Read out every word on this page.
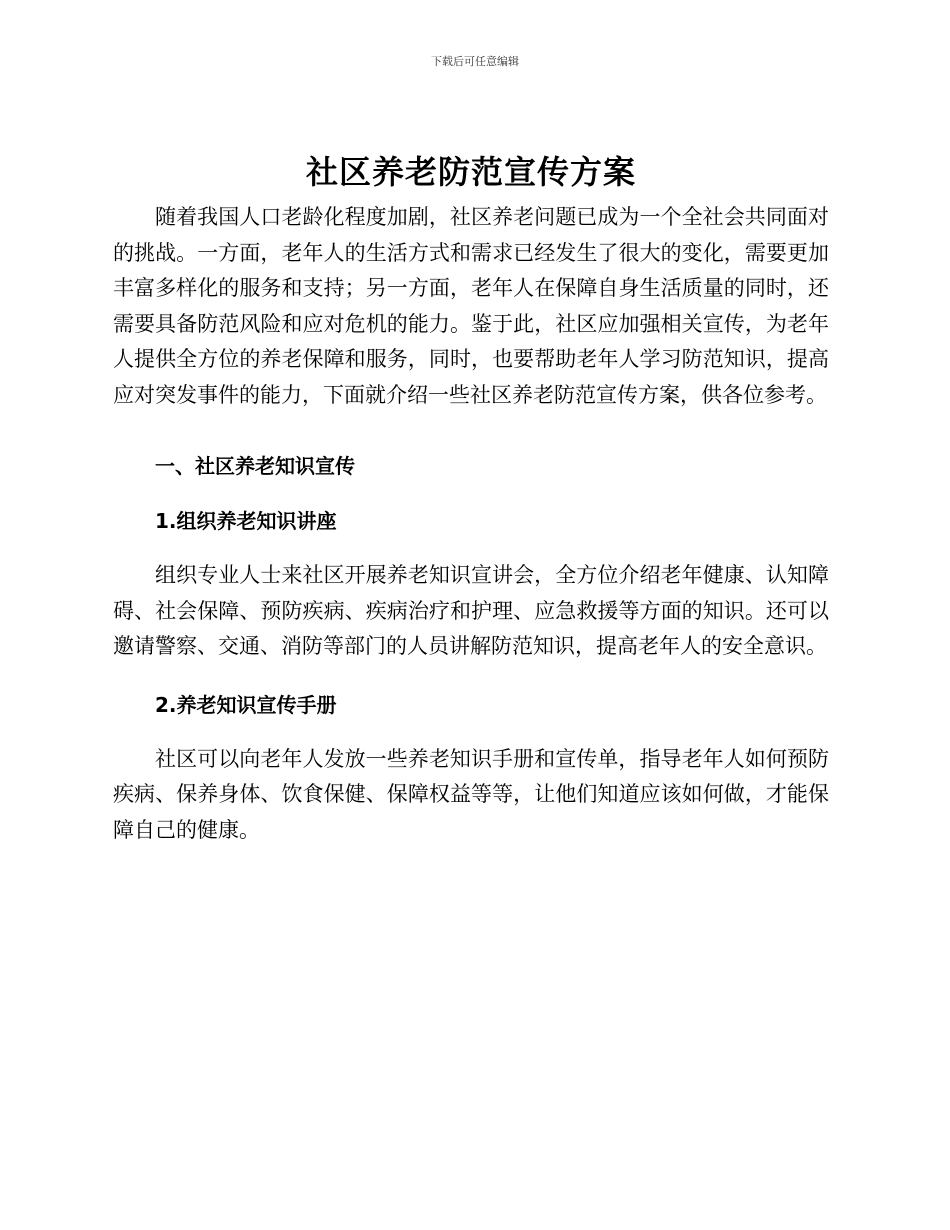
下载后可任意编辑
社区养老防范宣传方案

随着我国人口老龄化程度加剧，社区养老问题已成为一个全社会共同面对的挑战。一方面，老年人的生活方式和需求已经发生了很大的变化，需要更加丰富多样化的服务和支持；另一方面，老年人在保障自身生活质量的同时，还需要具备防范风险和应对危机的能力。鉴于此，社区应加强相关宣传，为老年人提供全方位的养老保障和服务，同时，也要帮助老年人学习防范知识，提高应对突发事件的能力，下面就介绍一些社区养老防范宣传方案，供各位参考。

一、社区养老知识宣传
1.组织养老知识讲座

组织专业人士来社区开展养老知识宣讲会，全方位介绍老年健康、认知障碍、社会保障、预防疾病、疾病治疗和护理、应急救援等方面的知识。还可以邀请警察、交通、消防等部门的人员讲解防范知识，提高老年人的安全意识。

2.养老知识宣传手册

社区可以向老年人发放一些养老知识手册和宣传单，指导老年人如何预防疾病、保养身体、饮食保健、保障权益等等，让他们知道应该如何做，才能保障自己的健康。
